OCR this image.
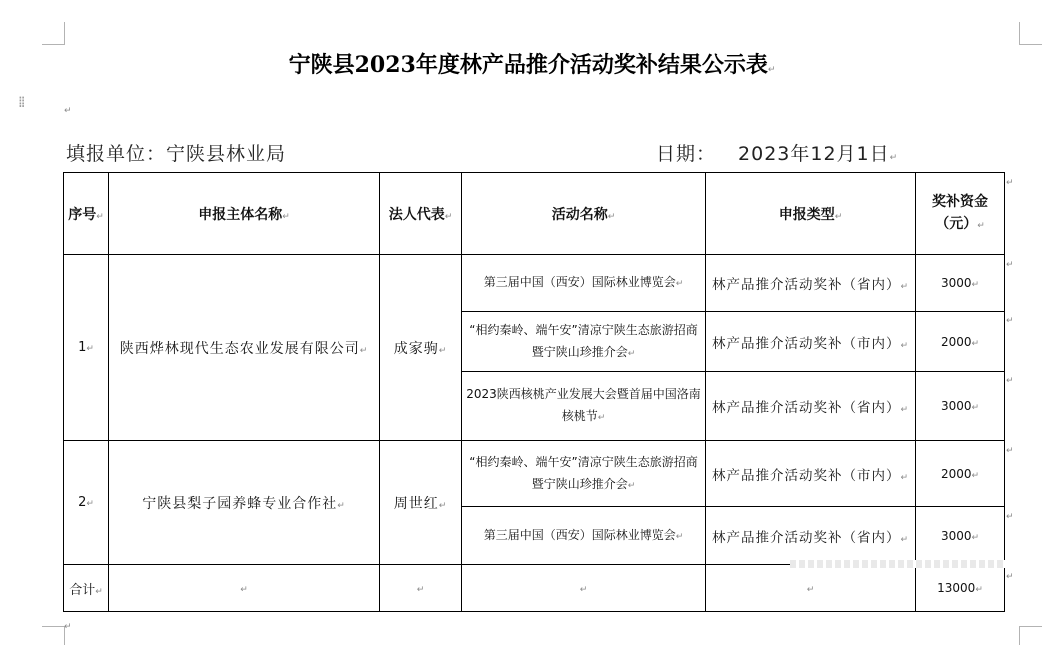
⁞⁞	↵
宁陕县2023年度林产品推介活动奖补结果公示表↵
填报单位：宁陕县林业局	日期： 2023年12月1日↵
序号↵	申报主体名称↵	法人代表↵	活动名称↵	申报类型↵	奖补资金（元）↵
1↵	陕西烨林现代生态农业发展有限公司↵	成家驹↵	第三届中国（西安）国际林业博览会↵	林产品推介活动奖补（省内）↵	3000↵
			“相约秦岭、端午安”清凉宁陕生态旅游招商暨宁陕山珍推介会↵	林产品推介活动奖补（市内）↵	2000↵
			2023陕西核桃产业发展大会暨首届中国洛南核桃节↵	林产品推介活动奖补（省内）↵	3000↵
2↵	宁陕县梨子园养蜂专业合作社↵	周世红↵	“相约秦岭、端午安”清凉宁陕生态旅游招商暨宁陕山珍推介会↵	林产品推介活动奖补（市内）↵	2000↵
			第三届中国（西安）国际林业博览会↵	林产品推介活动奖补（省内）↵	3000↵
合计↵	↵	↵	↵	↵	13000↵
↵
↵
↵
↵
↵
↵
↵
↵
